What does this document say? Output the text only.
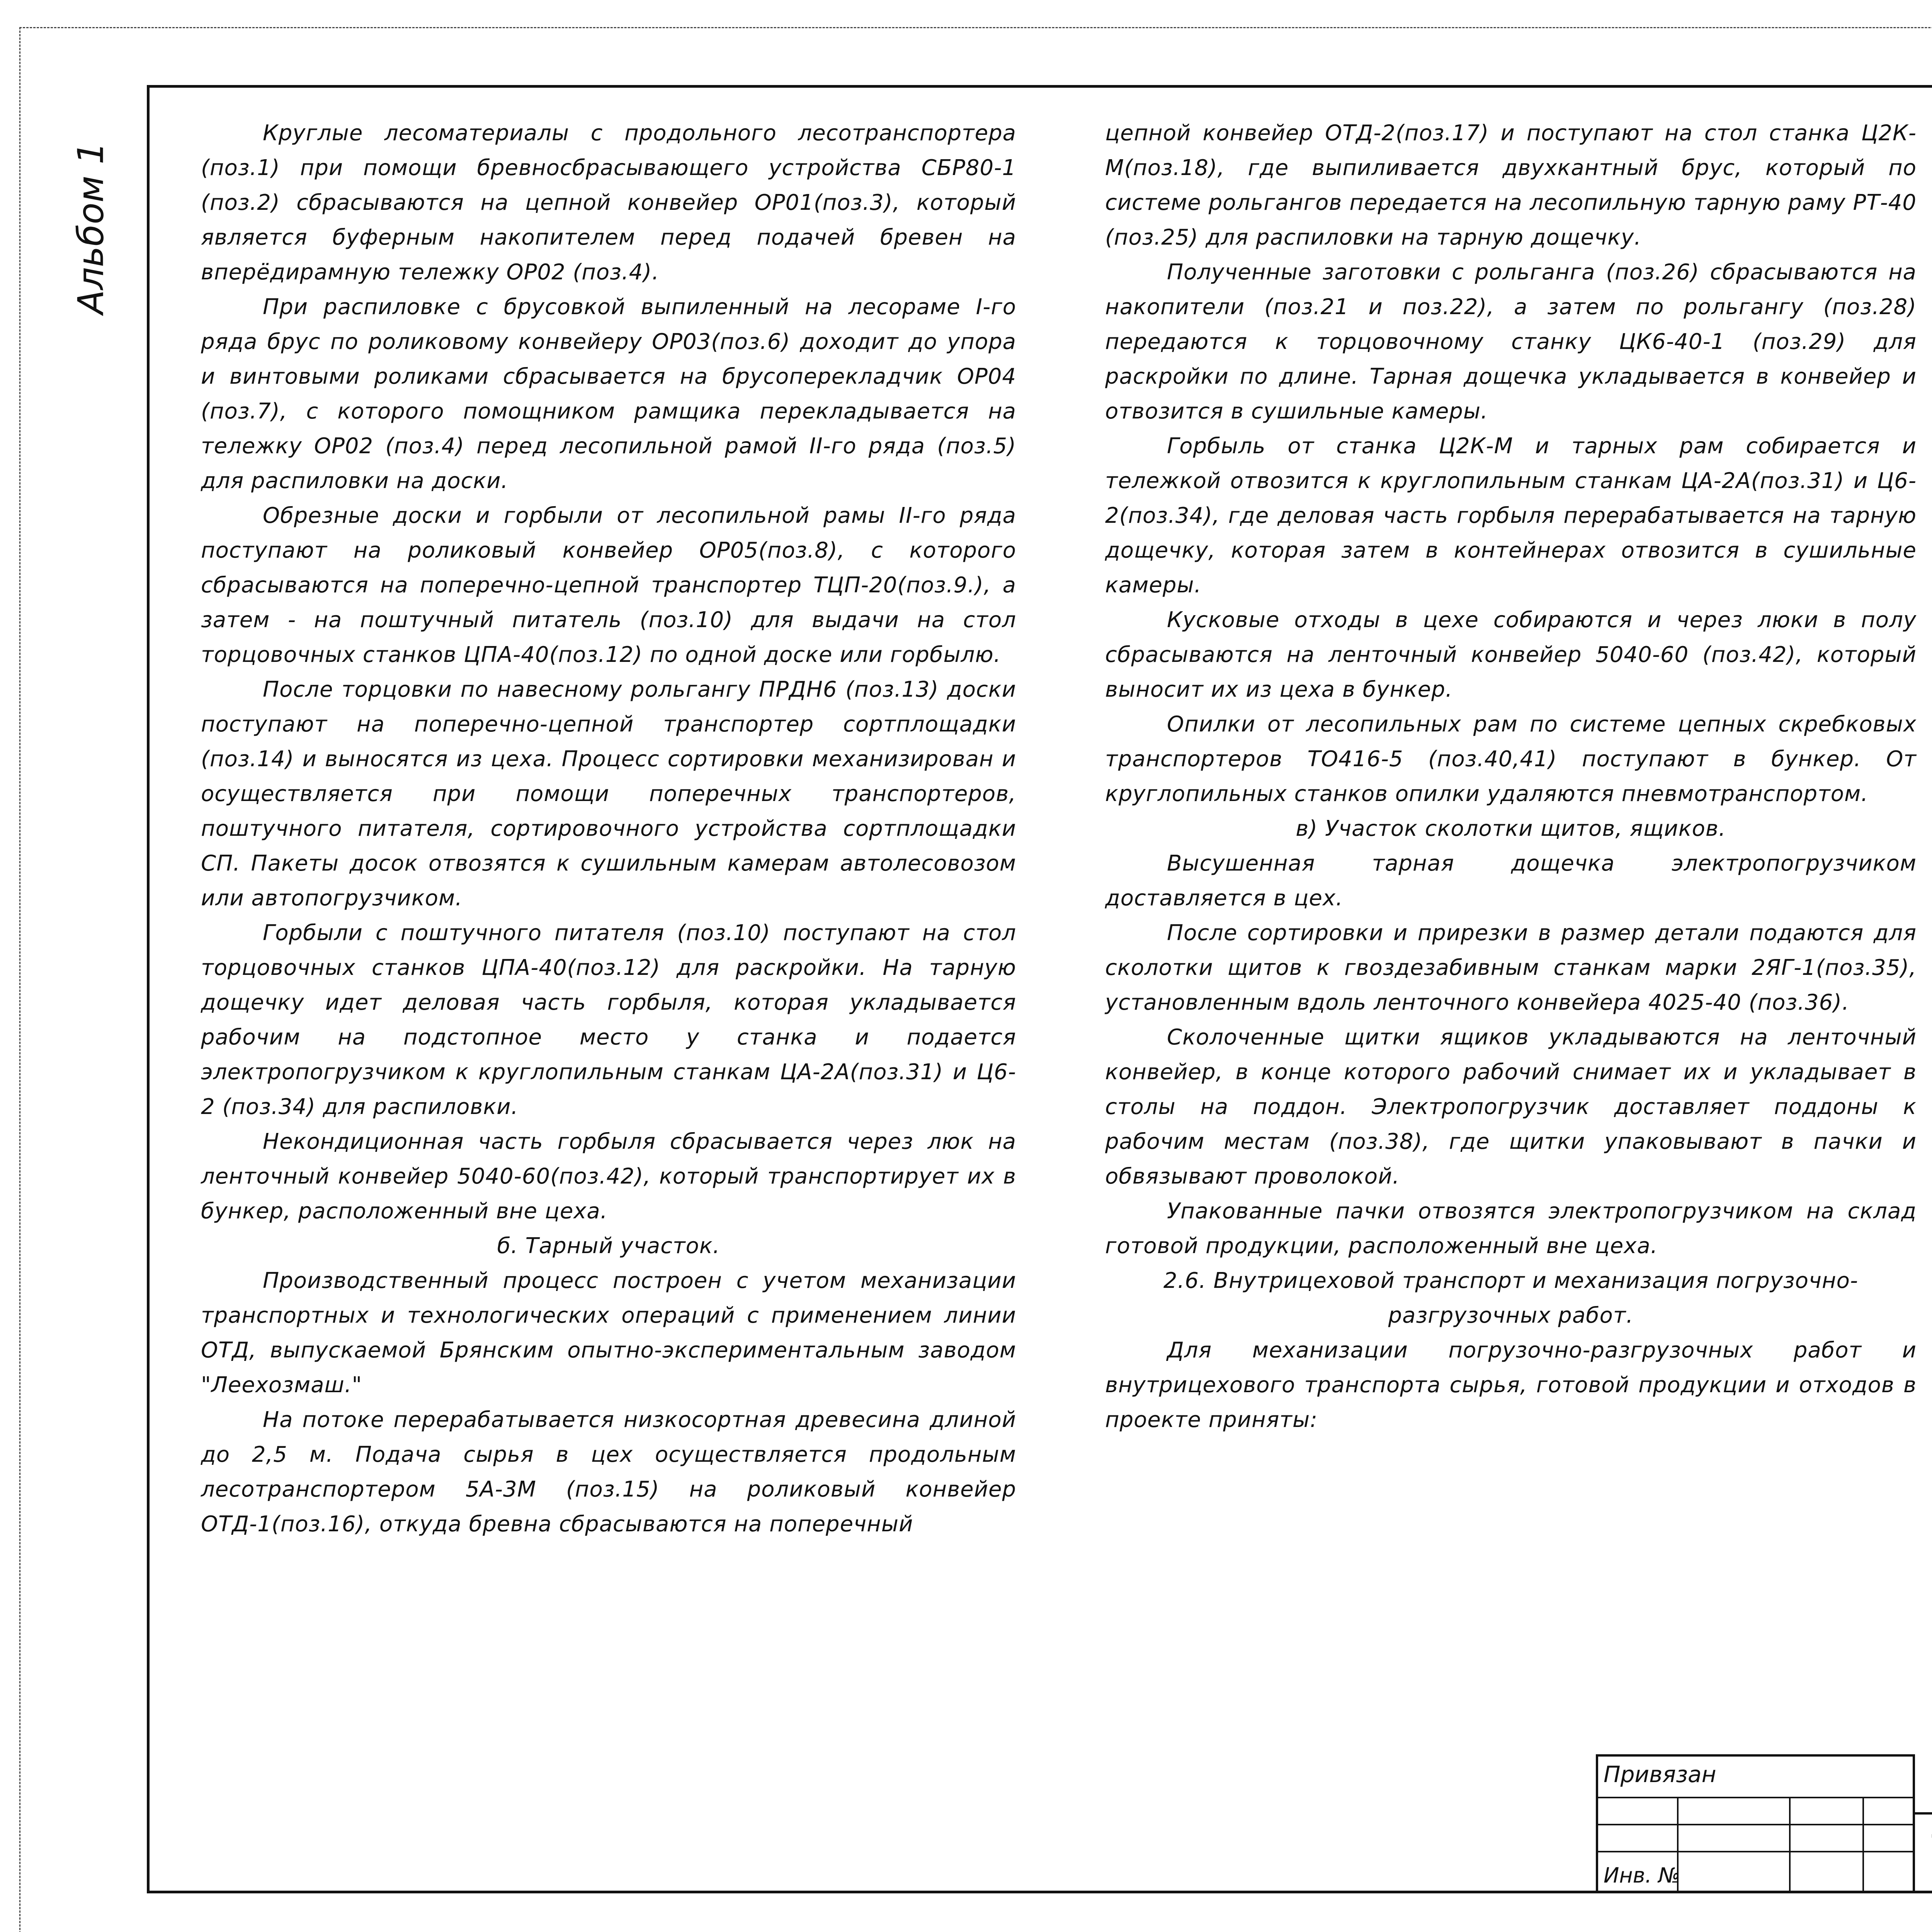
Альбом 1

Круглые лесоматериалы с продольного лесотранспортера (поз.1) при помощи бревносбрасывающего устройства СБР80-1 (поз.2) сбрасываются на цепной конвейер ОР01(поз.3), который является буферным накопителем перед подачей бревен на вперёдирамную тележку ОР02 (поз.4).

При распиловке с брусовкой выпиленный на лесораме I-го ряда брус по роликовому конвейеру ОР03(поз.6) доходит до упора и винтовыми роликами сбрасывается на брусоперекладчик ОР04 (поз.7), с которого помощником рамщика перекладывается на тележку ОР02 (поз.4) перед лесопильной рамой II-го ряда (поз.5) для распиловки на доски.

Обрезные доски и горбыли от лесопильной рамы II-го ряда поступают на роликовый конвейер ОР05(поз.8), с которого сбрасываются на поперечно-цепной транспортер ТЦП-20(поз.9.), а затем - на поштучный питатель (поз.10) для выдачи на стол торцовочных станков ЦПА-40(поз.12) по одной доске или горбылю.

После торцовки по навесному рольгангу ПРДН6 (поз.13) доски поступают на поперечно-цепной транспортер сортплощадки (поз.14) и выносятся из цеха. Процесс сортировки механизирован и осуществляется при помощи поперечных транспортеров, поштучного питателя, сортировочного устройства сортплощадки СП. Пакеты досок отвозятся к сушильным камерам автолесовозом или автопогрузчиком.

Горбыли с поштучного питателя (поз.10) поступают на стол торцовочных станков ЦПА-40(поз.12) для раскройки. На тарную дощечку идет деловая часть горбыля, которая укладывается рабочим на подстопное место у станка и подается электропогрузчиком к круглопильным станкам ЦА-2А(поз.31) и Ц6-2 (поз.34) для распиловки.

Некондиционная часть горбыля сбрасывается через люк на ленточный конвейер 5040-60(поз.42), который транспортирует их в бункер, расположенный вне цеха.

б. Тарный участок.

Производственный процесс построен с учетом механизации транспортных и технологических операций с применением линии ОТД, выпускаемой Брянским опытно-экспериментальным заводом "Леехозмаш."

На потоке перерабатывается низкосортная древесина длиной до 2,5 м. Подача сырья в цех осуществляется продольным лесотранспортером 5А-3М (поз.15) на роликовый конвейер ОТД-1(поз.16), откуда бревна сбрасываются на поперечный

цепной конвейер ОТД-2(поз.17) и поступают на стол станка Ц2К-М(поз.18), где выпиливается двухкантный брус, который по системе рольгангов передается на лесопильную тарную раму РТ-40 (поз.25) для распиловки на тарную дощечку.

Полученные заготовки с рольганга (поз.26) сбрасываются на накопители (поз.21 и поз.22), а затем по рольгангу (поз.28) передаются к торцовочному станку ЦК6-40-1 (поз.29) для раскройки по длине. Тарная дощечка укладывается в конвейер и отвозится в сушильные камеры.

Горбыль от станка Ц2К-М и тарных рам собирается и тележкой отвозится к круглопильным станкам ЦА-2А(поз.31) и Ц6-2(поз.34), где деловая часть горбыля перерабатывается на тарную дощечку, которая затем в контейнерах отвозится в сушильные камеры.

Кусковые отходы в цехе собираются и через люки в полу сбрасываются на ленточный конвейер 5040-60 (поз.42), который выносит их из цеха в бункер.

Опилки от лесопильных рам по системе цепных скребковых транспортеров ТО416-5 (поз.40,41) поступают в бункер. От круглопильных станков опилки удаляются пневмотранспортом.

в) Участок сколотки щитов, ящиков.

Высушенная тарная дощечка электропогрузчиком доставляется в цех.

После сортировки и прирезки в размер детали подаются для сколотки щитов к гвоздезабивным станкам марки 2ЯГ-1(поз.35), установленным вдоль ленточного конвейера 4025-40 (поз.36).

Сколоченные щитки ящиков укладываются на ленточный конвейер, в конце которого рабочий снимает их и укладывает в столы на поддон. Электропогрузчик доставляет поддоны к рабочим местам (поз.38), где щитки упаковывают в пачки и обвязывают проволокой.

Упакованные пачки отвозятся электропогрузчиком на склад готовой продукции, расположенный вне цеха.

2.6. Внутрицеховой транспорт и механизация погрузочно-разгрузочных работ.

Для механизации погрузочно-разгрузочных работ и внутрицехового транспорта сырья, готовой продукции и отходов в проекте приняты:

Привязан
Инв. №
